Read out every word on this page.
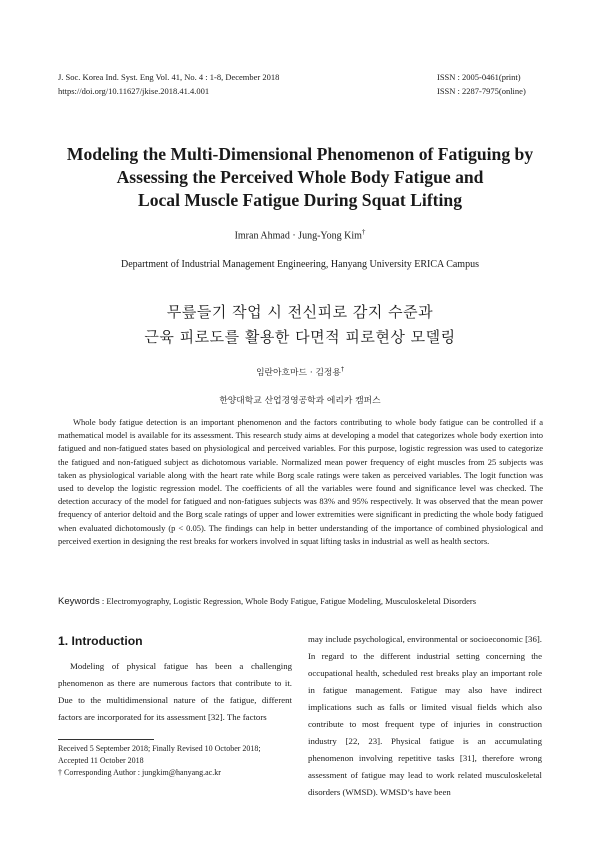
J. Soc. Korea Ind. Syst. Eng Vol. 41, No. 4 : 1-8, December 2018
https://doi.org/10.11627/jkise.2018.41.4.001
ISSN : 2005-0461(print)
ISSN : 2287-7975(online)
Modeling the Multi-Dimensional Phenomenon of Fatiguing by
Assessing the Perceived Whole Body Fatigue and
Local Muscle Fatigue During Squat Lifting
Imran Ahmad · Jung-Yong Kim†
Department of Industrial Management Engineering, Hanyang University ERICA Campus
무릎들기 작업 시 전신피로 감지 수준과
근육 피로도를 활용한 다면적 피로현상 모델링
임란아흐마드 · 김정용†
한양대학교 산업경영공학과 에리카 캠퍼스
Whole body fatigue detection is an important phenomenon and the factors contributing to whole body fatigue can be controlled if a mathematical model is available for its assessment. This research study aims at developing a model that categorizes whole body exertion into fatigued and non-fatigued states based on physiological and perceived variables. For this purpose, logistic regression was used to categorize the fatigued and non-fatigued subject as dichotomous variable. Normalized mean power frequency of eight muscles from 25 subjects was taken as physiological variable along with the heart rate while Borg scale ratings were taken as perceived variables. The logit function was used to develop the logistic regression model. The coefficients of all the variables were found and significance level was checked. The detection accuracy of the model for fatigued and non-fatigues subjects was 83% and 95% respectively. It was observed that the mean power frequency of anterior deltoid and the Borg scale ratings of upper and lower extremities were significant in predicting the whole body fatigued when evaluated dichotomously (p < 0.05). The findings can help in better understanding of the importance of combined physiological and perceived exertion in designing the rest breaks for workers involved in squat lifting tasks in industrial as well as health sectors.
Keywords : Electromyography, Logistic Regression, Whole Body Fatigue, Fatigue Modeling, Musculoskeletal Disorders
1. Introduction

Modeling of physical fatigue has been a challenging phenomenon as there are numerous factors that contribute to it. Due to the multidimensional nature of the fatigue, different factors are incorporated for its assessment [32]. The factors

may include psychological, environmental or socioeconomic [36]. In regard to the different industrial setting concerning the occupational health, scheduled rest breaks play an important role in fatigue management. Fatigue may also have indirect implications such as falls or limited visual fields which also contribute to most frequent type of injuries in construction industry [22, 23]. Physical fatigue is an accumulating phenomenon involving repetitive tasks [31], therefore wrong assessment of fatigue may lead to work related musculoskeletal disorders (WMSD). WMSD’s have been

Received 5 September 2018; Finally Revised 10 October 2018;
Accepted 11 October 2018
† Corresponding Author : jungkim@hanyang.ac.kr
